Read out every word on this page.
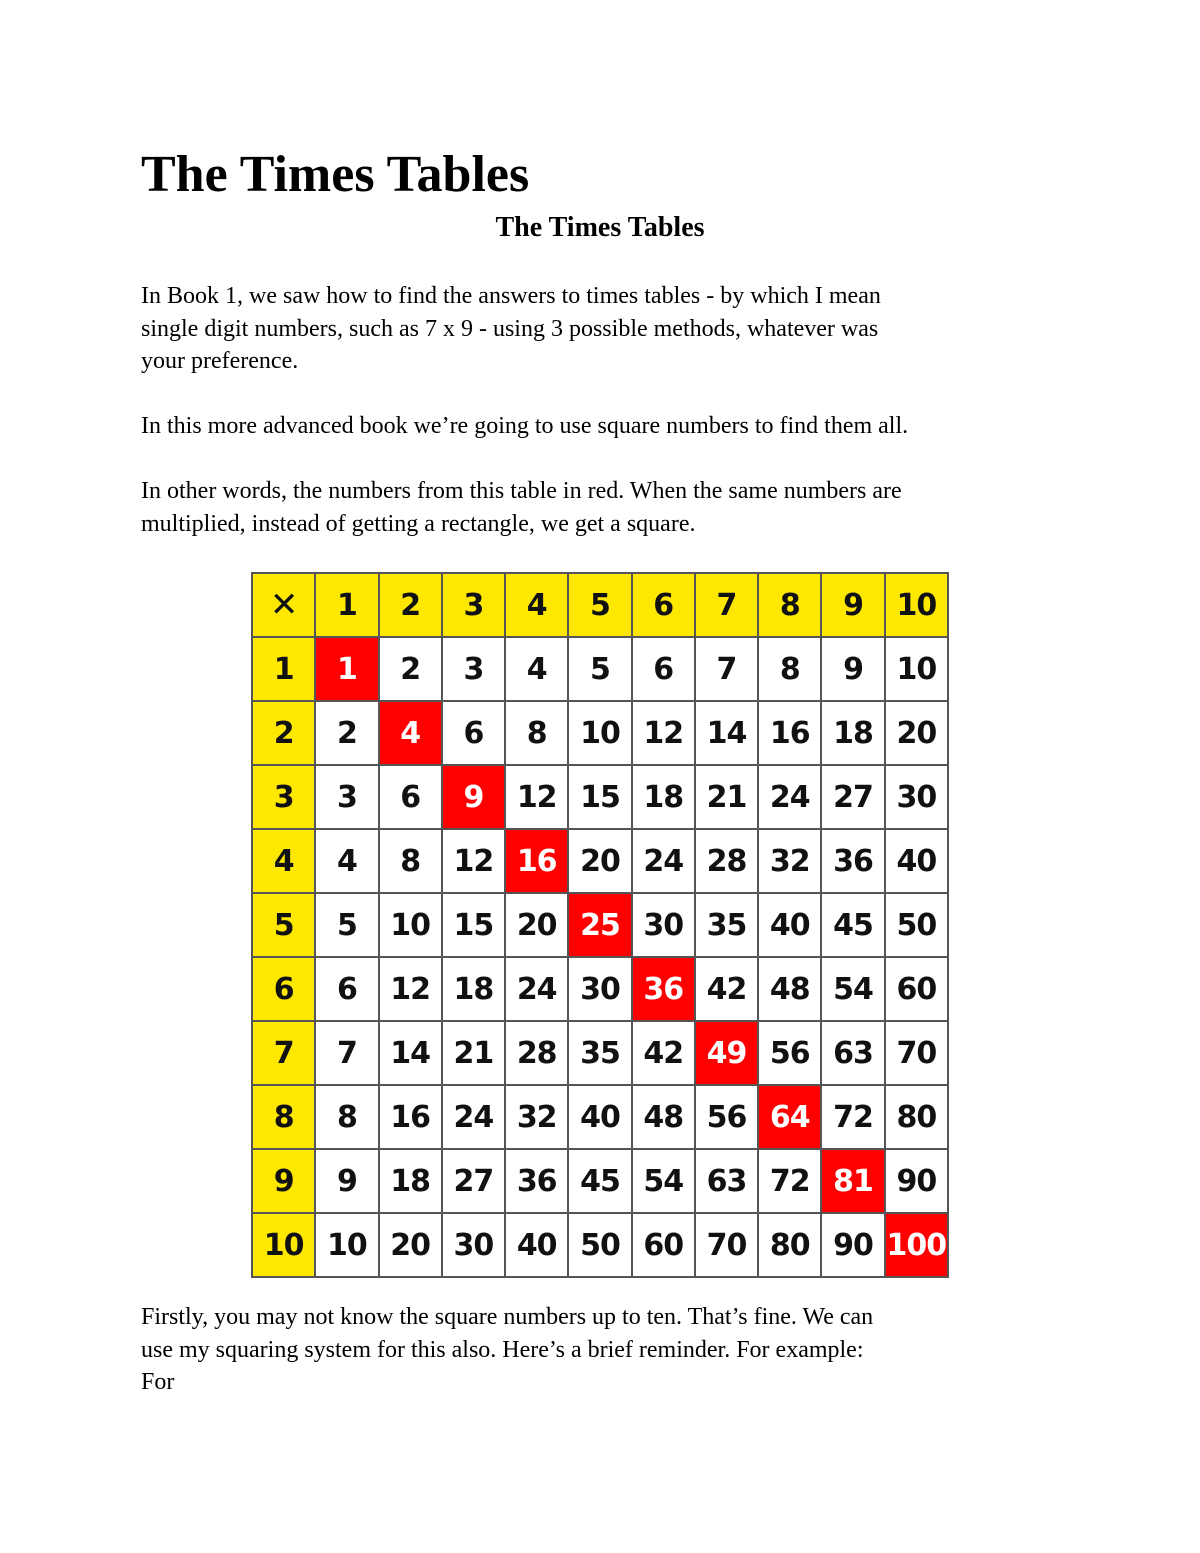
The Times Tables
The Times Tables

In Book 1, we saw how to find the answers to times tables - by which I mean
single digit numbers, such as 7 x 9 - using 3 possible methods, whatever was
your preference.

In this more advanced book we’re going to use square numbers to find them all.

In other words, the numbers from this table in red. When the same numbers are
multiplied, instead of getting a rectangle, we get a square.

✕	1	2	3	4	5	6	7	8	9	10
1	1	2	3	4	5	6	7	8	9	10
2	2	4	6	8	10	12	14	16	18	20
3	3	6	9	12	15	18	21	24	27	30
4	4	8	12	16	20	24	28	32	36	40
5	5	10	15	20	25	30	35	40	45	50
6	6	12	18	24	30	36	42	48	54	60
7	7	14	21	28	35	42	49	56	63	70
8	8	16	24	32	40	48	56	64	72	80
9	9	18	27	36	45	54	63	72	81	90
10	10	20	30	40	50	60	70	80	90	100

Firstly, you may not know the square numbers up to ten. That’s fine. We can
use my squaring system for this also. Here’s a brief reminder. For example:
For
